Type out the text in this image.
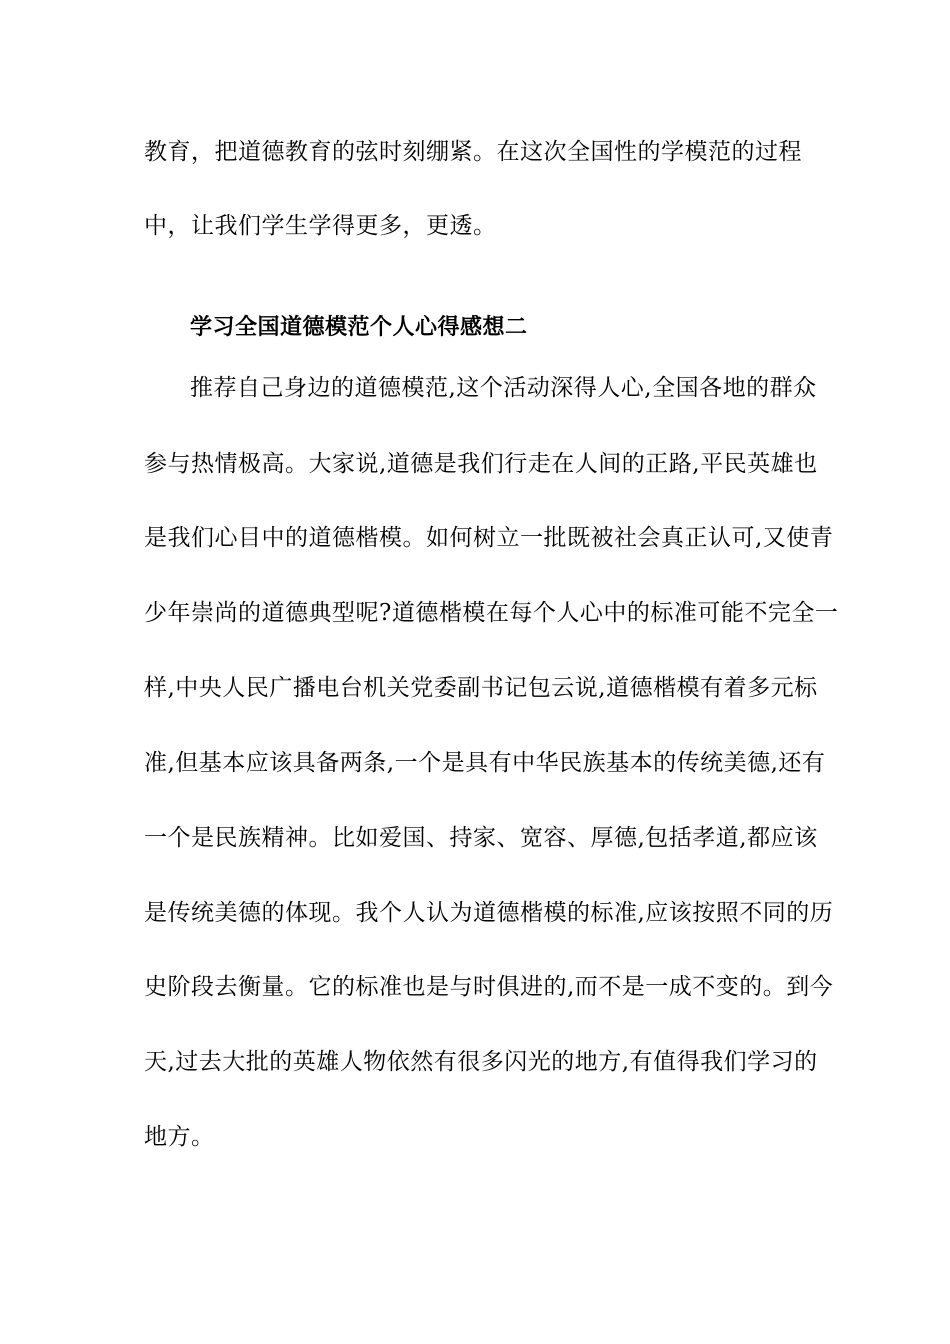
教育，把道德教育的弦时刻绷紧。在这次全国性的学模范的过程
中，让我们学生学得更多，更透。
学习全国道德模范个人心得感想二
推荐自己身边的道德模范,这个活动深得人心,全国各地的群众
参与热情极高。大家说,道德是我们行走在人间的正路,平民英雄也
是我们心目中的道德楷模。如何树立一批既被社会真正认可,又使青
少年崇尚的道德典型呢?道德楷模在每个人心中的标准可能不完全一
样,中央人民广播电台机关党委副书记包云说,道德楷模有着多元标
准,但基本应该具备两条,一个是具有中华民族基本的传统美德,还有
一个是民族精神。比如爱国、持家、宽容、厚德,包括孝道,都应该
是传统美德的体现。我个人认为道德楷模的标准,应该按照不同的历
史阶段去衡量。它的标准也是与时俱进的,而不是一成不变的。到今
天,过去大批的英雄人物依然有很多闪光的地方,有值得我们学习的
地方。
